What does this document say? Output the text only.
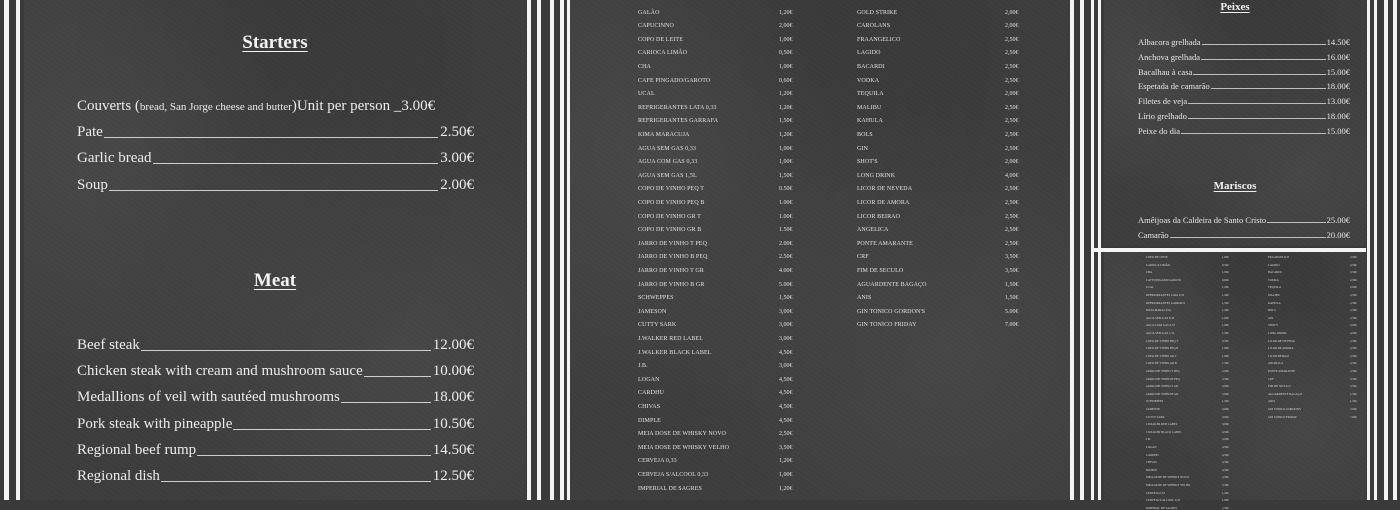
Starters
Couverts ( bread, San Jorge cheese and butter )Unit per person _ 3.00€
Pate	2.50€
Garlic bread	3.00€
Soup	2.00€
Meat
Beef steak	12.00€
Chicken steak with cream and mushroom sauce	10.00€
Medallions of veil with sautéed mushrooms	18.00€
Pork steak with pineapple	10.50€
Regional beef rump	14.50€
Regional dish	12.50€
GALÃO	1,20€
CAPUCINNO	2,00€
COPO DE LEITE	1,00€
CARIOCA LIMÃO	0,50€
CHA	1,00€
CAFE PINGADO/GAROTO	0,60€
UCAL	1,20€
REFRIGERANTES LATA 0,33	1,20€
REFRIGERANTES GARRAFA	1,50€
KIMA MARACUJA	1,20€
AGUA SEM GAS 0,33	1,00€
AGUA COM GAS 0,33	1,00€
AGUA SEM GAS 1,5L	1,50€
COPO DE VINHO PEQ T	0.50€
COPO DE VINHO PEQ B	1.00€
COPO DE VINHO GR T	1.00€
COPO DE VINHO GR B	1.50€
JARRO DE VINHO T PEQ	2.00€
JARRO DE VINHO B PEQ	2.50€
JARRO DE VINHO T GR	4.00€
JARRO DE VINHO B GR	5.00€
SCHWEPPES	1,50€
JAMESON	3,00€
CUTTY SARK	3,00€
J.WALKER RED LABEL	3,00€
J.WALKER BLACK LABEL	4,50€
J.B.	3,00€
LOGAN	4,50€
CARDHU	4,50€
CHIVAS	4,50€
DIMPLE	4,50€
MEIA DOSE DE WHISKY NOVO	2,50€
MEIA DOSE DE WHISKY VELHO	3,50€
CERVEJA 0,33	1,20€
CERVEJA S/ALCOOL 0,33	1,00€
IMPERIAL DE SAGRES	1,20€
GOLD STRIKE	2,00€
CAROLANS	2,00€
FRAANGELICO	2,50€
LAGIDO	2,50€
BACARDI	2,50€
VODKA	2,50€
TEQUILA	2,00€
MALIBU	2,50€
KAHULA	2,50€
BOLS	2,50€
GIN	2,50€
SHOT'S	2,00€
LONG DRINK	4,00€
LICOR DE NEVEDA	2,50€
LICOR DE AMORA	2,50€
LICOR BEIRAO	2,50€
ANGELICA	2,50€
PONTE AMARANTE	2,50€
CRF	3,50€
FIM DE SECULO	3,50€
AGUARDENTE BAGAÇO	1,50€
ANIS	1,50€
GIN TONICO GORDON'S	5.00€
GIN TONICO FRIDAY	7.00€
Peixes
Albacora grelhada	14.50€
Anchova grelhada	16.00€
Bacalhau à casa	15.00€
Espetada de camarão	18.00€
Filetes de veja	13.00€
Lírio grelhado	18.00€
Peixe do dia	15.00€
Mariscos
Amêijoas da Caldeira de Santo Cristo	25.00€
Camarão	20.00€
COPO DE LEITE	1,00€
CARIOCA LIMÃO	0,50€
CHA	1,00€
CAFE PINGADO/GAROTO	0,60€
UCAL	1,20€
REFRIGERANTES LATA 0,33	1,20€
REFRIGERANTES GARRAFA	1,50€
KIMA MARACUJA	1,20€
AGUA SEM GAS 0,33	1,00€
AGUA COM GAS 0,33	1,00€
AGUA SEM GAS 1,5L	1,50€
COPO DE VINHO PEQ T	0.50€
COPO DE VINHO PEQ B	1.00€
COPO DE VINHO GR T	1.00€
COPO DE VINHO GR B	1.50€
JARRO DE VINHO T PEQ	2.00€
JARRO DE VINHO B PEQ	2.50€
JARRO DE VINHO T GR	4.00€
JARRO DE VINHO B GR	5.00€
SCHWEPPES	1,50€
JAMESON	3,00€
CUTTY SARK	3,00€
J.WALKER RED LABEL	3,00€
J.WALKER BLACK LABEL	4,50€
J.B.	3,00€
LOGAN	4,50€
CARDHU	4,50€
CHIVAS	4,50€
DIMPLE	4,50€
MEIA DOSE DE WHISKY NOVO	2,50€
MEIA DOSE DE WHISKY VELHO	3,50€
CERVEJA 0,33	1,20€
CERVEJA S/ALCOOL 0,33	1,00€
IMPERIAL DE SAGRES	1,20€
FRAANGELICO	2,50€
LAGIDO	2,50€
BACARDI	2,50€
VODKA	2,50€
TEQUILA	2,00€
MALIBU	2,50€
KAHULA	2,50€
BOLS	2,50€
GIN	2,50€
SHOT'S	2,00€
LONG DRINK	4,00€
LICOR DE NEVEDA	2,50€
LICOR DE AMORA	2,50€
LICOR BEIRAO	2,50€
ANGELICA	2,50€
PONTE AMARANTE	2,50€
CRF	3,50€
FIM DE SECULO	3,50€
AGUARDENTE BAGAÇO	1,50€
ANIS	1,50€
GIN TONICO GORDON'S	5.00€
GIN TONICO FRIDAY	7.00€
